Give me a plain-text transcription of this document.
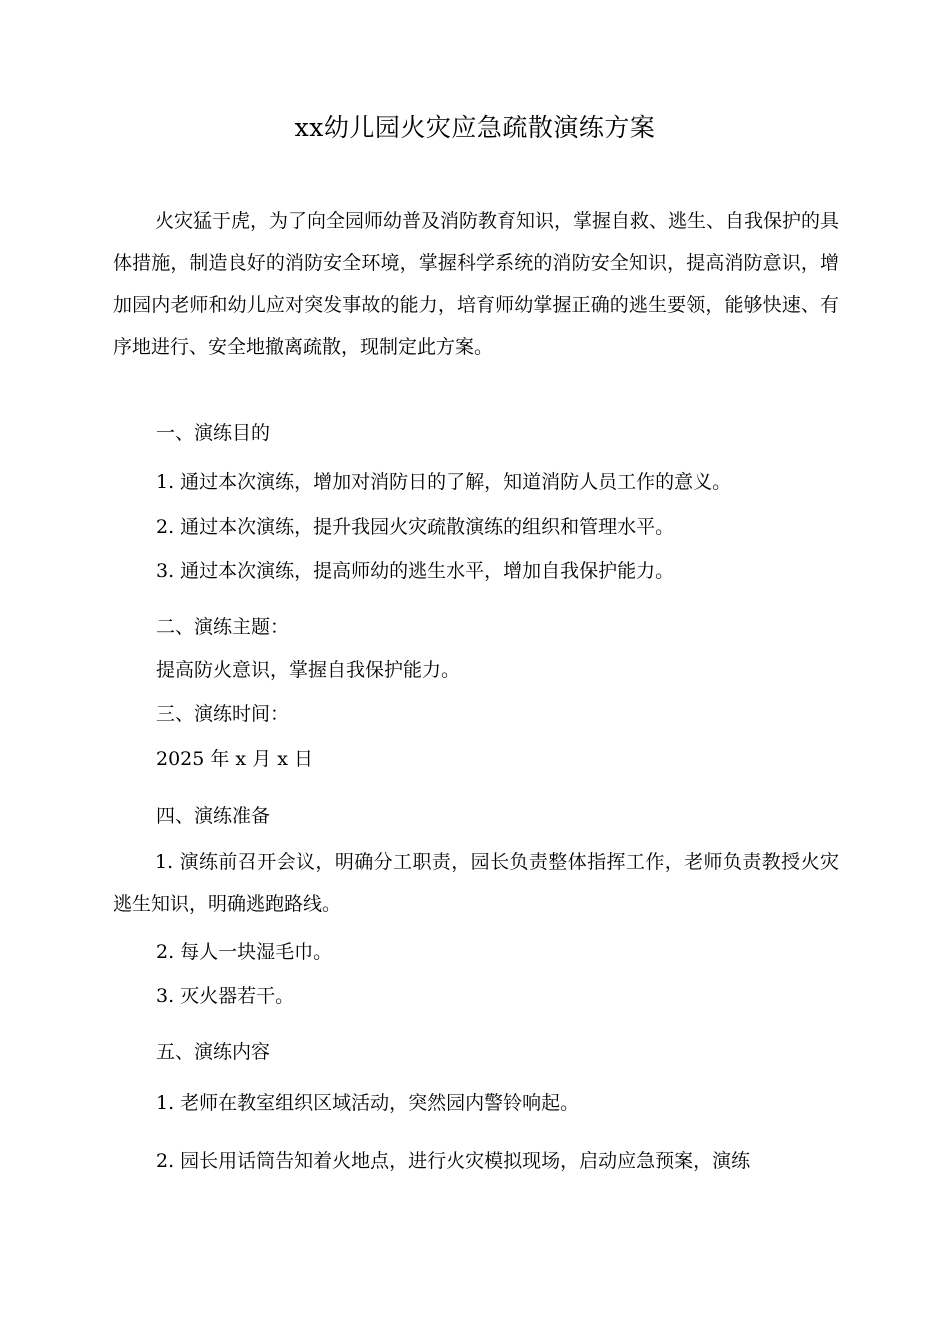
xx幼儿园火灾应急疏散演练方案
火灾猛于虎，为了向全园师幼普及消防教育知识，掌握自救、逃生、自我保护的具体措施，制造良好的消防安全环境，掌握科学系统的消防安全知识，提高消防意识，增加园内老师和幼儿应对突发事故的能力，培育师幼掌握正确的逃生要领，能够快速、有序地进行、安全地撤离疏散，现制定此方案。
一、演练目的
1. 通过本次演练，增加对消防日的了解，知道消防人员工作的意义。
2. 通过本次演练，提升我园火灾疏散演练的组织和管理水平。
3. 通过本次演练，提高师幼的逃生水平，增加自我保护能力。
二、演练主题：
提高防火意识，掌握自我保护能力。
三、演练时间：
2025 年 x 月 x 日
四、演练准备
1. 演练前召开会议，明确分工职责，园长负责整体指挥工作，老师负责教授火灾逃生知识，明确逃跑路线。
2. 每人一块湿毛巾。
3. 灭火器若干。
五、演练内容
1. 老师在教室组织区域活动，突然园内警铃响起。
2. 园长用话筒告知着火地点，进行火灾模拟现场，启动应急预案，演练
